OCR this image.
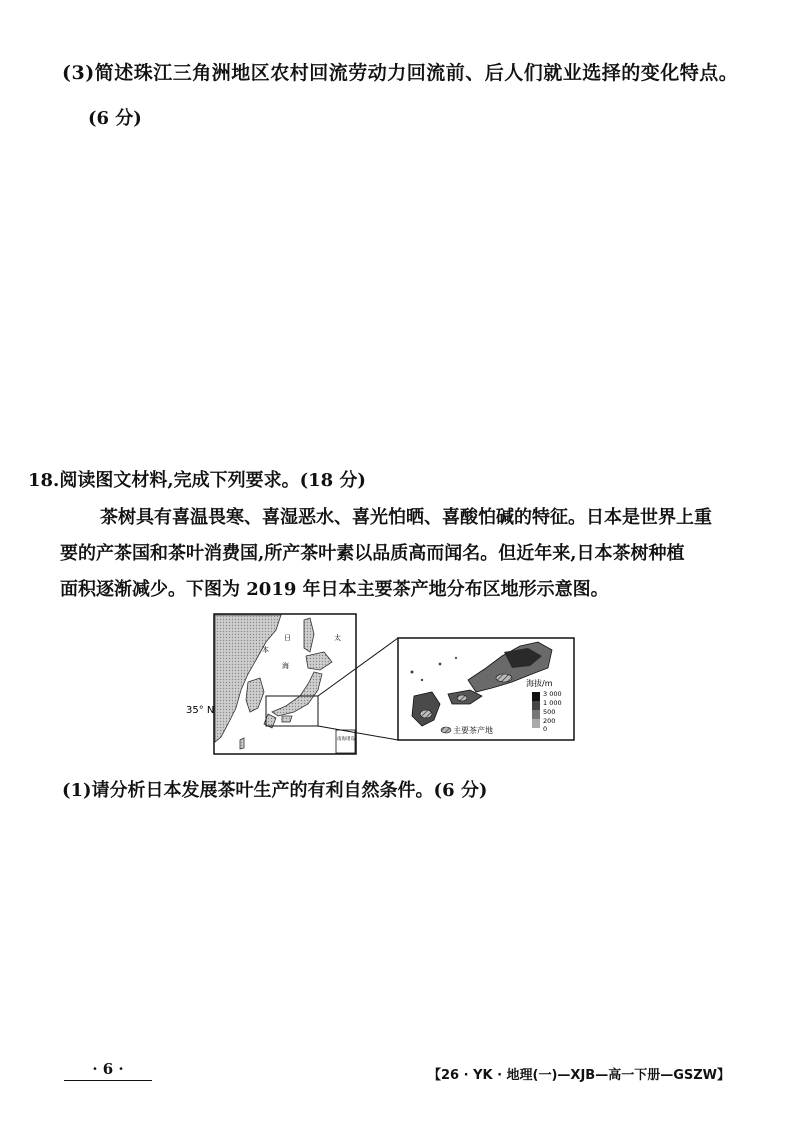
(3)简述珠江三角洲地区农村回流劳动力回流前、后人们就业选择的变化特点。
(6 分)
18.阅读图文材料,完成下列要求。(18 分)
茶树具有喜温畏寒、喜湿恶水、喜光怕晒、喜酸怕碱的特征。日本是世界上重
要的产茶国和茶叶消费国,所产茶叶素以品质高而闻名。但近年来,日本茶树种植
面积逐渐减少。下图为 2019 年日本主要茶产地分布区地形示意图。
日
本
海
太
南海诸岛
35° N
海拔/m
3 000
1 000
500
200
0
主要茶产地
(1)请分析日本发展茶叶生产的有利自然条件。(6 分)
· 6 ·	【26 · YK · 地理(一)—XJB—高一下册—GSZW】
